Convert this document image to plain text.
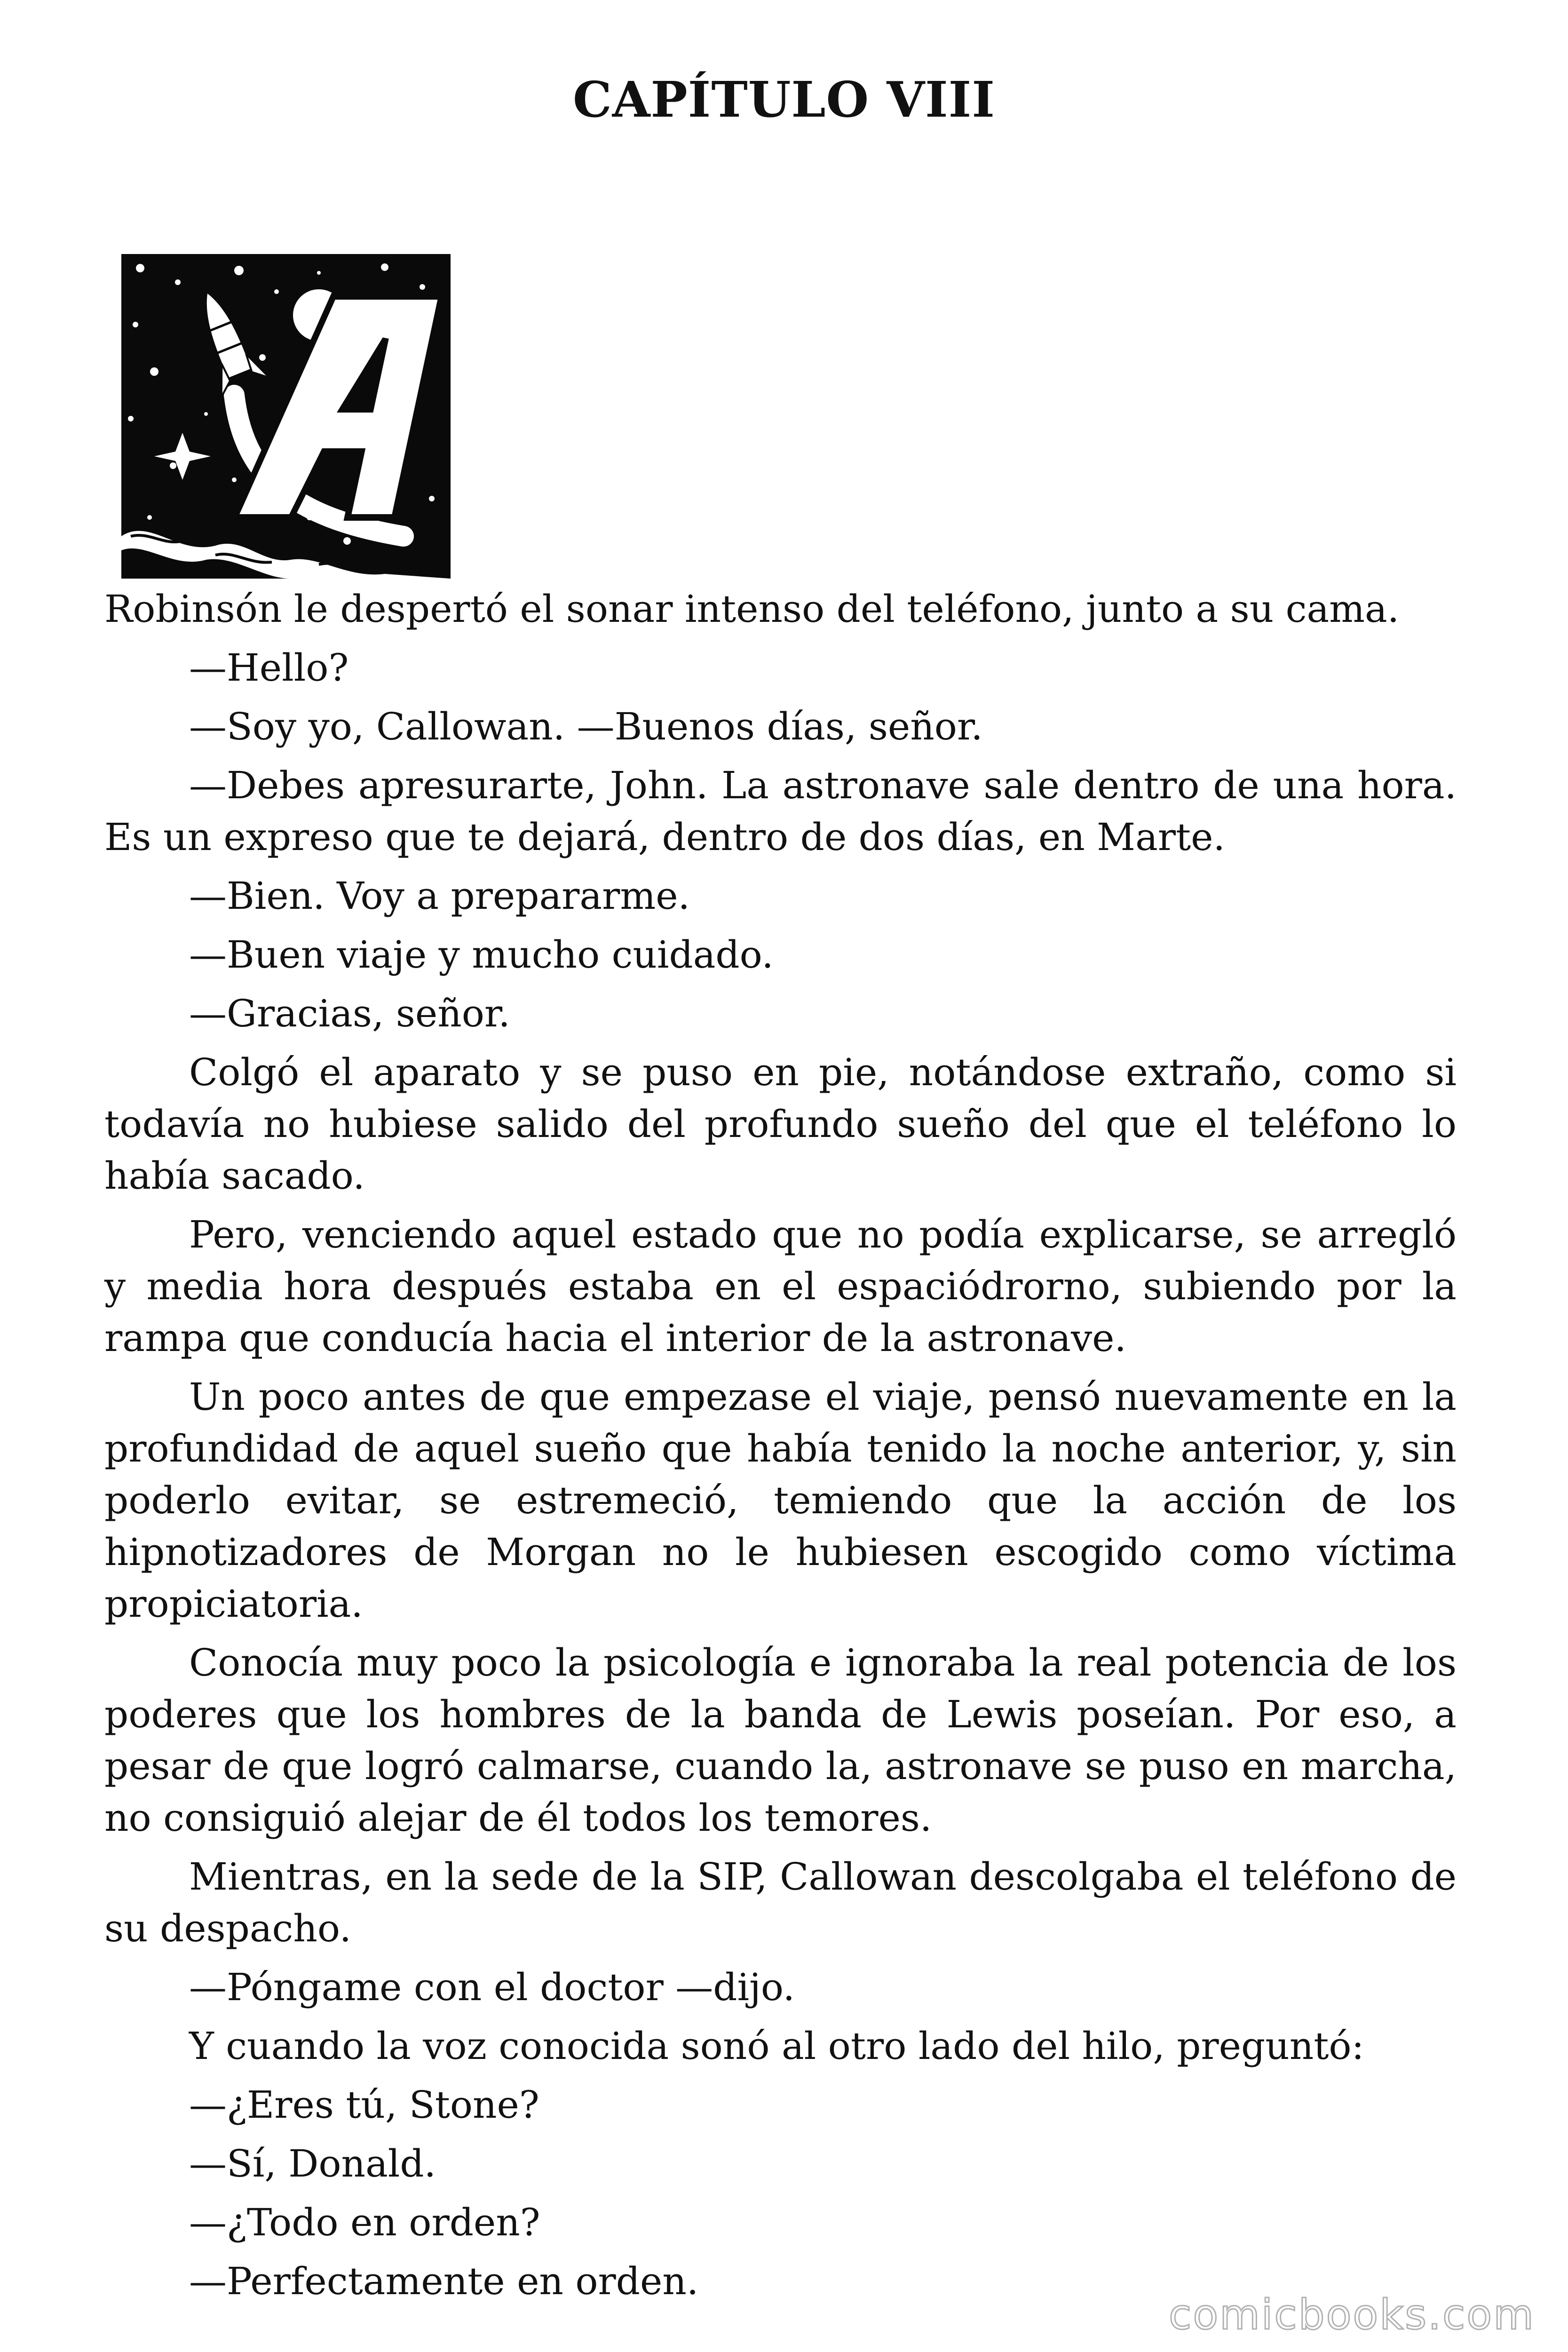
CAPÍTULO VIII

Robinsón le despertó el sonar intenso del teléfono, junto a su cama.

—Hello?

—Soy yo, Callowan. —Buenos días, señor.

—Debes apresurarte, John. La astronave sale dentro de una hora. Es un expreso que te dejará, dentro de dos días, en Marte.

—Bien. Voy a prepararme.

—Buen viaje y mucho cuidado.

—Gracias, señor.

Colgó el aparato y se puso en pie, notándose extraño, como si todavía no hubiese salido del profundo sueño del que el teléfono lo había sacado.

Pero, venciendo aquel estado que no podía explicarse, se arregló y media hora después estaba en el espaciódrorno, subiendo por la rampa que conducía hacia el interior de la astronave.

Un poco antes de que empezase el viaje, pensó nuevamente en la profundidad de aquel sueño que había tenido la noche anterior, y, sin poderlo evitar, se estremeció, temiendo que la acción de los hipnotizadores de Morgan no le hubiesen escogido como víctima propiciatoria.

Conocía muy poco la psicología e ignoraba la real potencia de los poderes que los hombres de la banda de Lewis poseían. Por eso, a pesar de que logró calmarse, cuando la, astronave se puso en marcha, no consiguió alejar de él todos los temores.

Mientras, en la sede de la SIP, Callowan descolgaba el teléfono de su despacho.

—Póngame con el doctor —dijo.

Y cuando la voz conocida sonó al otro lado del hilo, preguntó:

—¿Eres tú, Stone?

—Sí, Donald.

—¿Todo en orden?

—Perfectamente en orden.

comicbooks.com
